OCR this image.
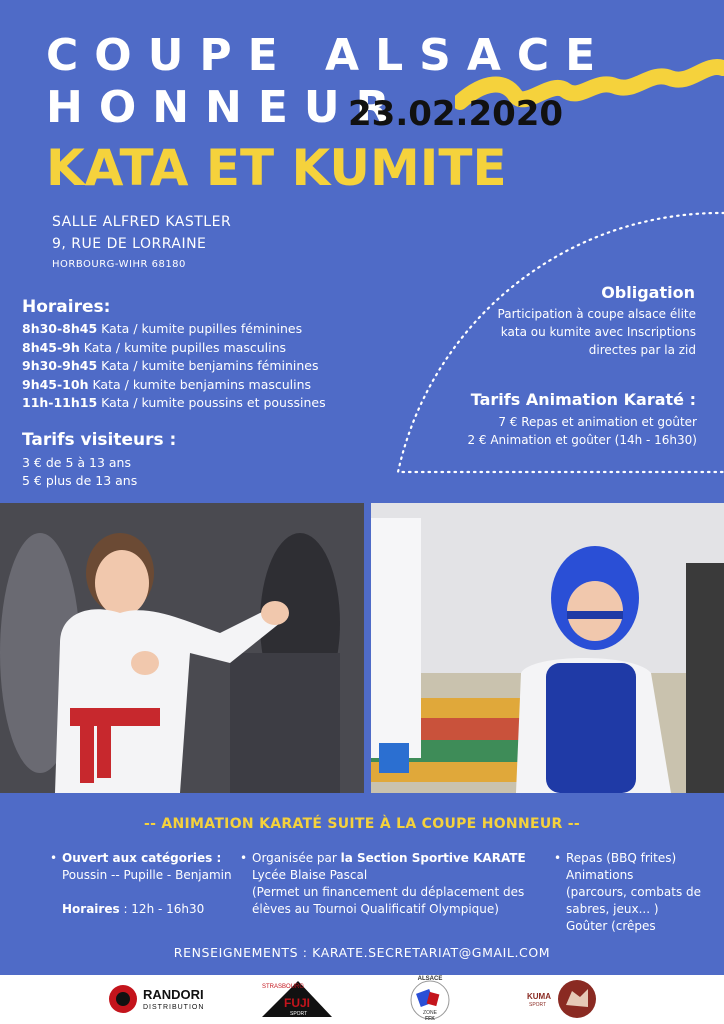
COUPE ALSACE
HONNEUR
23.02.2020
KATA ET KUMITE
SALLE ALFRED KASTLER
9, RUE DE LORRAINE
HORBOURG-WIHR 68180
Horaires:
8h30-8h45 Kata / kumite pupilles féminines
8h45-9h Kata / kumite pupilles masculins
9h30-9h45 Kata / kumite benjamins féminines
9h45-10h Kata / kumite benjamins masculins
11h-11h15 Kata / kumite poussins et poussines
Tarifs visiteurs :
3 € de 5 à 13 ans
5 € plus de 13 ans
Obligation
Participation à coupe alsace élite
kata ou kumite avec Inscriptions
directes par la zid
Tarifs Animation Karaté :
7 € Repas et animation et goûter
2 € Animation et goûter (14h - 16h30)
-- ANIMATION KARATÉ SUITE À LA COUPE HONNEUR --
• Ouvert aux catégories :
Poussin -- Pupille - Benjamin
Horaires : 12h - 16h30
• Organisée par la Section Sportive KARATE
Lycée Blaise Pascal
(Permet un financement du déplacement des élèves au Tournoi Qualificatif Olympique)
• Repas (BBQ frites)
Animations
(parcours, combats de sabres, jeux... )
Goûter (crêpes
RENSEIGNEMENTS : KARATE.SECRETARIAT@GMAIL.COM
RANDORI
DISTRIBUTION
STRASBOURG
FUJI
SPORT
ALSACE
ZONE
FFK
KUMA
SPORT
